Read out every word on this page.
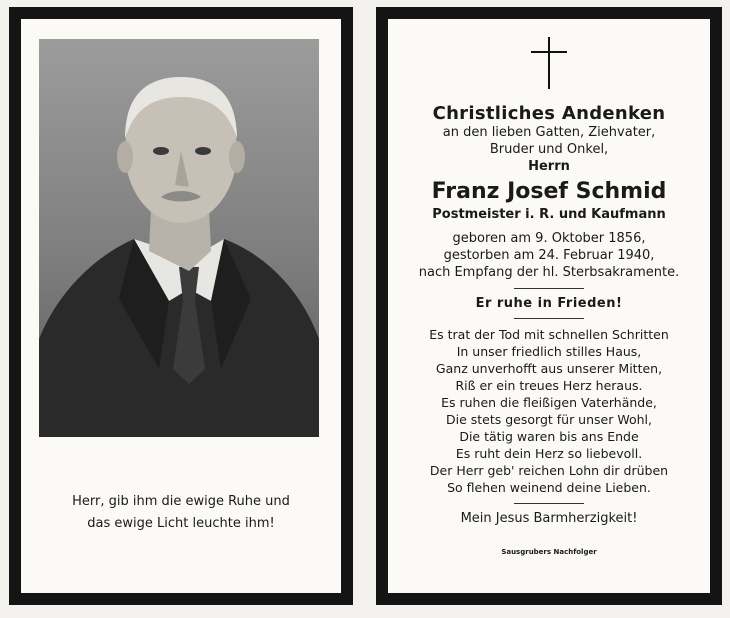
Herr, gib ihm die ewige Ruhe und
das ewige Licht leuchte ihm!
Christliches Andenken
an den lieben Gatten, Ziehvater,
Bruder und Onkel,
Herrn
Franz Josef Schmid
Postmeister i. R. und Kaufmann
geboren am 9. Oktober 1856,
gestorben am 24. Februar 1940,
nach Empfang der hl. Sterbsakramente.
Er ruhe in Frieden!
Es trat der Tod mit schnellen Schritten
In unser friedlich stilles Haus,
Ganz unverhofft aus unserer Mitten,
Riß er ein treues Herz heraus.
Es ruhen die fleißigen Vaterhände,
Die stets gesorgt für unser Wohl,
Die tätig waren bis ans Ende
Es ruht dein Herz so liebevoll.
Der Herr geb' reichen Lohn dir drüben
So flehen weinend deine Lieben.
Mein Jesus Barmherzigkeit!
Sausgrubers Nachfolger
